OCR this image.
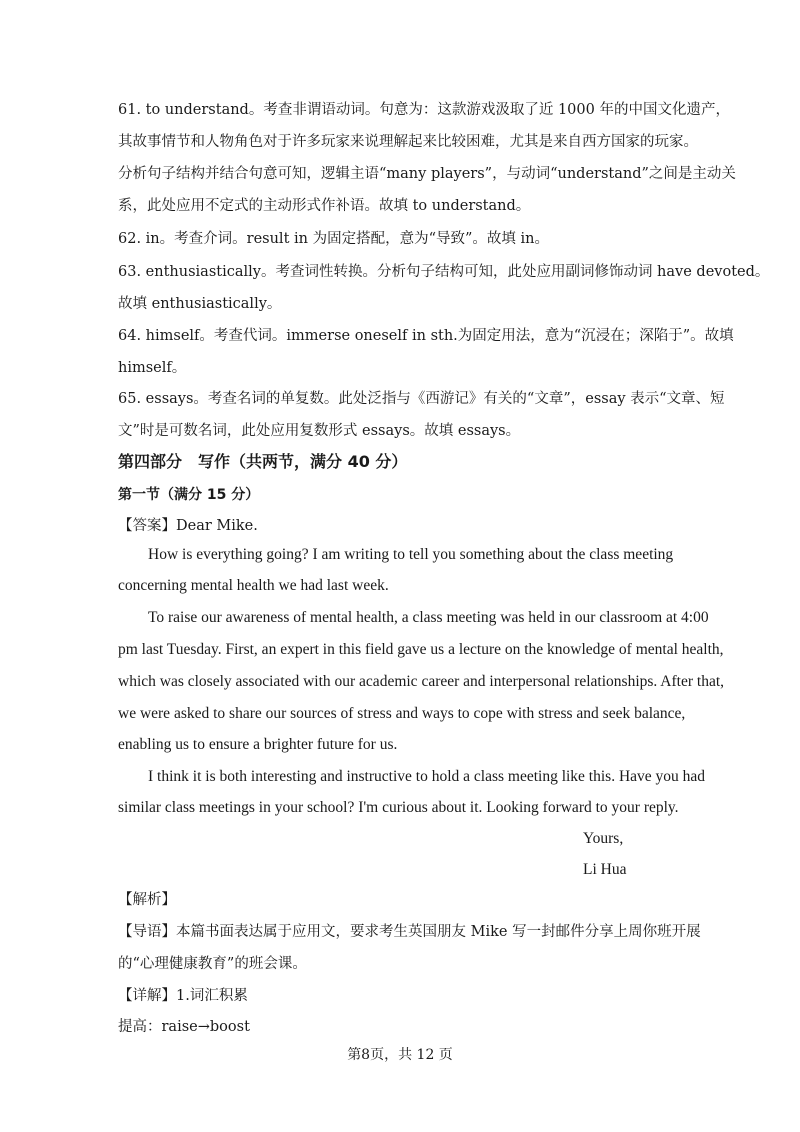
61. to understand。考查非谓语动词。句意为：这款游戏汲取了近 1000 年的中国文化遗产，
其故事情节和人物角色对于许多玩家来说理解起来比较困难，尤其是来自西方国家的玩家。
分析句子结构并结合句意可知，逻辑主语“many players”，与动词“understand”之间是主动关
系，此处应用不定式的主动形式作补语。故填 to understand。
62. in。考查介词。result in 为固定搭配，意为“导致”。故填 in。
63. enthusiastically。考查词性转换。分析句子结构可知，此处应用副词修饰动词 have devoted。
故填 enthusiastically。
64. himself。考查代词。immerse oneself in sth.为固定用法，意为“沉浸在；深陷于”。故填
himself。
65. essays。考查名词的单复数。此处泛指与《西游记》有关的“文章”，essay 表示“文章、短
文”时是可数名词，此处应用复数形式 essays。故填 essays。
第四部分　写作（共两节，满分 40 分）
第一节（满分 15 分）
【答案】Dear Mike.
How is everything going? I am writing to tell you something about the class meeting
concerning mental health we had last week.
To raise our awareness of mental health, a class meeting was held in our classroom at 4:00
pm last Tuesday. First, an expert in this field gave us a lecture on the knowledge of mental health,
which was closely associated with our academic career and interpersonal relationships. After that,
we were asked to share our sources of stress and ways to cope with stress and seek balance,
enabling us to ensure a brighter future for us.
I think it is both interesting and instructive to hold a class meeting like this. Have you had
similar class meetings in your school? I'm curious about it. Looking forward to your reply.
Yours,
Li Hua
【解析】
【导语】本篇书面表达属于应用文，要求考生英国朋友 Mike 写一封邮件分享上周你班开展
的“心理健康教育”的班会课。
【详解】1.词汇积累
提高：raise→boost
第8页，共 12 页
